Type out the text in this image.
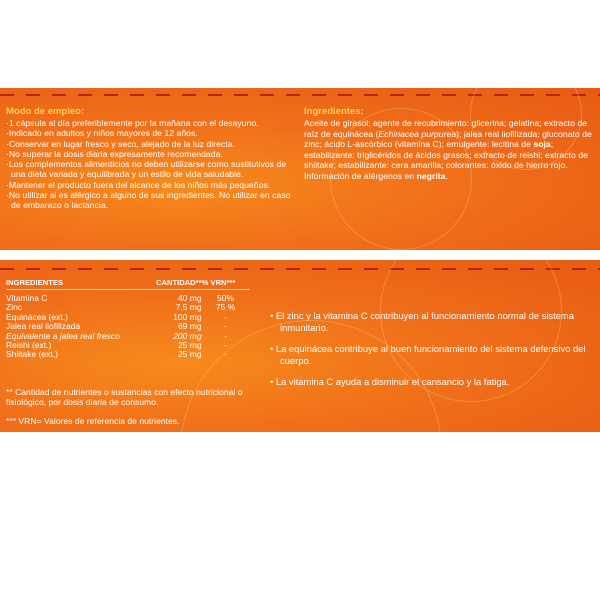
Modo de empleo:
·1 cápsula al día preferiblemente por la mañana con el desayuno.
·Indicado en adultos y niños mayores de 12 años.
·Conservar en lugar fresco y seco, alejado de la luz directa.
·No superar la dosis diaria expresamente recomendada.
·Los complementos alimenticios no deben utilizarse como sustitutivos de una dieta variada y equilibrada y un estilo de vida saludable.
·Mantener el producto fuera del alcance de los niños más pequeños.
·No utilizar si es alérgico a alguno de sus ingredientes. No utilizar en caso de embarazo o lactancia.
Ingredientes:
Aceite de girasol; agente de recubrimiento: glicerina; gelatina; extracto de raíz de equinácea (Echinacea purpurea); jalea real liofilizada; gluconato de zinc; ácido L-ascórbico (vitamina C); emulgente: lecitina de soja; estabilizante: triglicéridos de ácidos grasos; extracto de reishi; extracto de shiitake; estabilizante: cera amarilla; colorantes: óxido de hierro rojo. Información de alérgenos en negrita.
INGREDIENTES	CANTIDAD**	% VRN***

Vitamina C	40 mg	50%
Zinc	7,5 mg	75 %
Equinácea (ext.)	100 mg	-
Jalea real liofilizada	69 mg	-
Equivalente a jalea real fresco	200 mg	-
Reishi (ext.)	25 mg	-
Shiitake (ext.)	25 mg	-
** Cantidad de nutrientes o sustancias con efecto nutricional o fisiológico, por dosis diaria de consumo.
*** VRN= Valores de referencia de nutrientes.
• El zinc y la vitamina C contribuyen al funcionamiento normal de sistema inmunitario.
• La equinácea contribuye al buen funcionamiento del sistema defensivo del cuerpo.
• La vitamina C ayuda a disminuir el cansancio y la fatiga.
